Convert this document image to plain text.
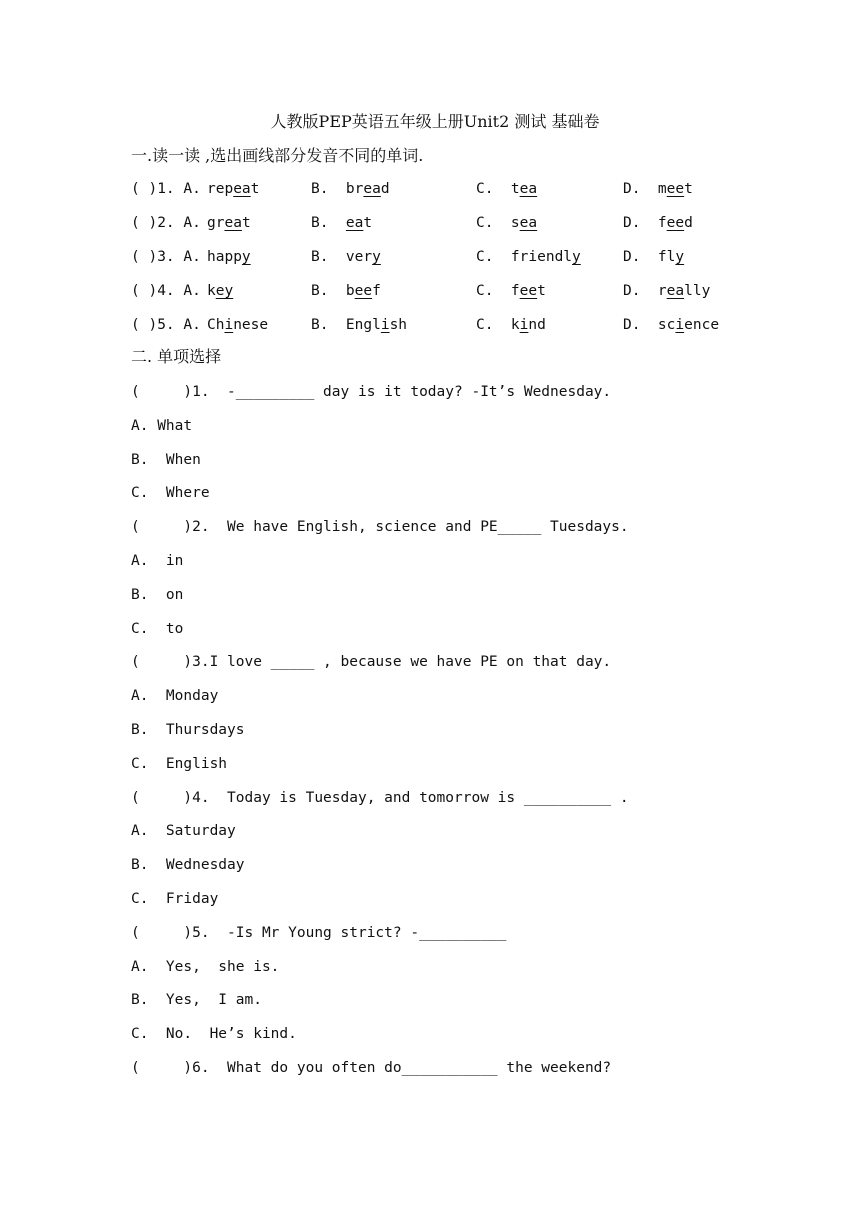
人教版PEP英语五年级上册Unit2 测试 基础卷
一.读一读 ,选出画线部分发音不同的单词.
( )1. A. repeat	B.  bread	C.  tea	D.  meet
( )2. A. great	B.  eat	C.  sea	D.  feed
( )3. A. happy	B.  very	C.  friendly	D.  fly
( )4. A. key	B.  beef	C.  feet	D.  really
( )5. A. Chinese	B.  English	C.  kind	D.  science
二. 单项选择
(     )1.  -_________ day is it today? -It’s Wednesday.
A. What
B.  When
C.  Where
(     )2.  We have English, science and PE_____ Tuesdays.
A.  in
B.  on
C.  to
(     )3.I love _____ , because we have PE on that day.
A.  Monday
B.  Thursdays
C.  English
(     )4.  Today is Tuesday, and tomorrow is __________ .
A.  Saturday
B.  Wednesday
C.  Friday
(     )5.  -Is Mr Young strict? -__________
A.  Yes,  she is.
B.  Yes,  I am.
C.  No.  He’s kind.
(     )6.  What do you often do___________ the weekend?
